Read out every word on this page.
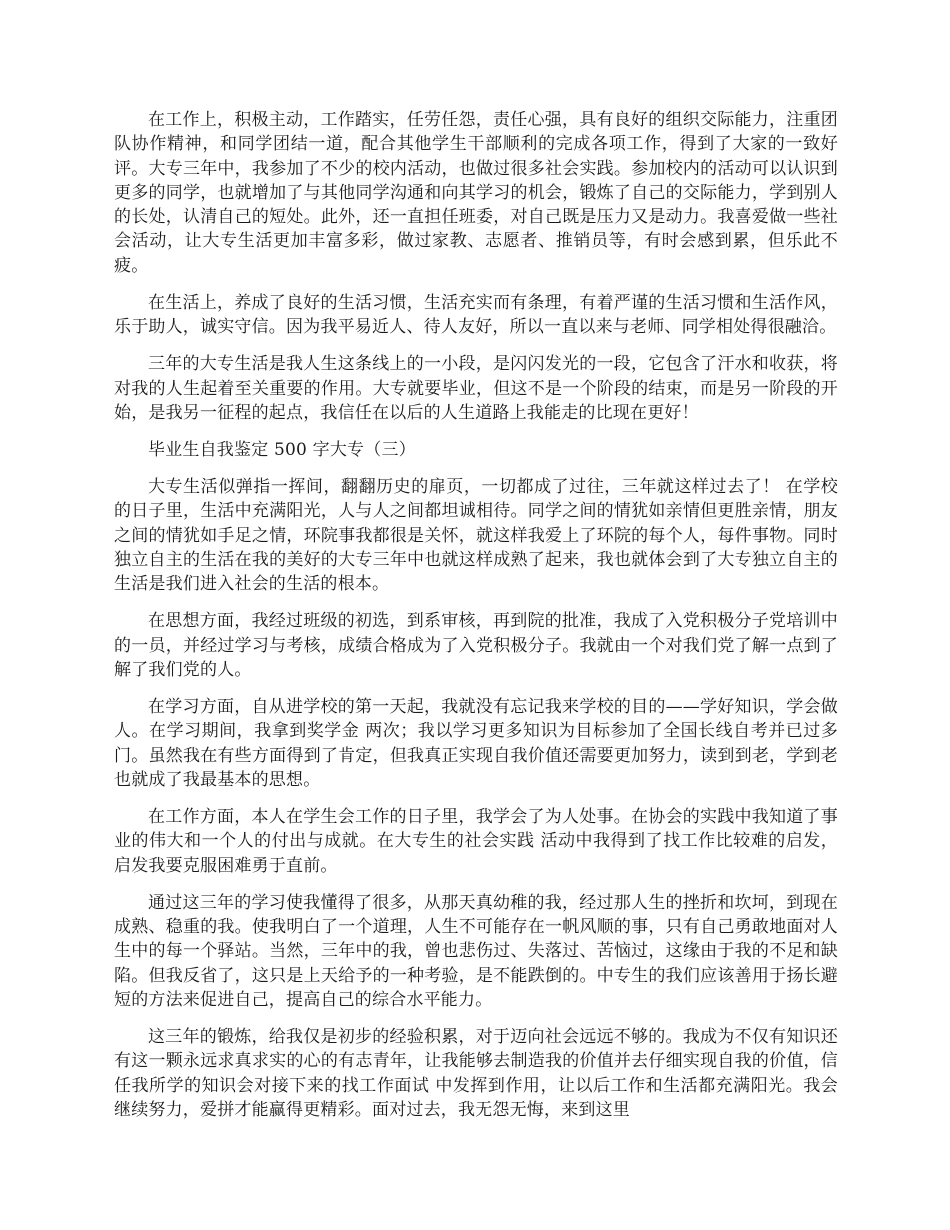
在工作上，积极主动，工作踏实，任劳任怨，责任心强，具有良好的组织交际能力，注重团队协作精神，和同学团结一道，配合其他学生干部顺利的完成各项工作，得到了大家的一致好评。大专三年中，我参加了不少的校内活动，也做过很多社会实践。参加校内的活动可以认识到更多的同学，也就增加了与其他同学沟通和向其学习的机会，锻炼了自己的交际能力，学到别人的长处，认清自己的短处。此外，还一直担任班委，对自己既是压力又是动力。我喜爱做一些社会活动，让大专生活更加丰富多彩，做过家教、志愿者、推销员等，有时会感到累，但乐此不疲。

在生活上，养成了良好的生活习惯，生活充实而有条理，有着严谨的生活习惯和生活作风，乐于助人，诚实守信。因为我平易近人、待人友好，所以一直以来与老师、同学相处得很融洽。

三年的大专生活是我人生这条线上的一小段，是闪闪发光的一段，它包含了汗水和收获，将对我的人生起着至关重要的作用。大专就要毕业，但这不是一个阶段的结束，而是另一阶段的开始，是我另一征程的起点，我信任在以后的人生道路上我能走的比现在更好！

毕业生自我鉴定 500 字大专（三）

大专生活似弹指一挥间，翻翻历史的扉页，一切都成了过往，三年就这样过去了！ 在学校的日子里，生活中充满阳光，人与人之间都坦诚相待。同学之间的情犹如亲情但更胜亲情，朋友之间的情犹如手足之情，环院事我都很是关怀，就这样我爱上了环院的每个人，每件事物。同时独立自主的生活在我的美好的大专三年中也就这样成熟了起来，我也就体会到了大专独立自主的生活是我们进入社会的生活的根本。

在思想方面，我经过班级的初选，到系审核，再到院的批准，我成了入党积极分子党培训中的一员，并经过学习与考核，成绩合格成为了入党积极分子。我就由一个对我们党了解一点到了解了我们党的人。

在学习方面，自从进学校的第一天起，我就没有忘记我来学校的目的——学好知识，学会做人。在学习期间，我拿到奖学金 两次；我以学习更多知识为目标参加了全国长线自考并已过多门。虽然我在有些方面得到了肯定，但我真正实现自我价值还需要更加努力，读到到老，学到老也就成了我最基本的思想。

在工作方面，本人在学生会工作的日子里，我学会了为人处事。在协会的实践中我知道了事业的伟大和一个人的付出与成就。在大专生的社会实践 活动中我得到了找工作比较难的启发，启发我要克服困难勇于直前。

通过这三年的学习使我懂得了很多，从那天真幼稚的我，经过那人生的挫折和坎坷，到现在成熟、稳重的我。使我明白了一个道理，人生不可能存在一帆风顺的事，只有自己勇敢地面对人生中的每一个驿站。当然，三年中的我，曾也悲伤过、失落过、苦恼过，这缘由于我的不足和缺陷。但我反省了，这只是上天给予的一种考验，是不能跌倒的。中专生的我们应该善用于扬长避短的方法来促进自己，提高自己的综合水平能力。

这三年的锻炼，给我仅是初步的经验积累，对于迈向社会远远不够的。我成为不仅有知识还有这一颗永远求真求实的心的有志青年，让我能够去制造我的价值并去仔细实现自我的价值，信任我所学的知识会对接下来的找工作面试 中发挥到作用，让以后工作和生活都充满阳光。我会继续努力，爱拼才能赢得更精彩。面对过去，我无怨无悔，来到这里
